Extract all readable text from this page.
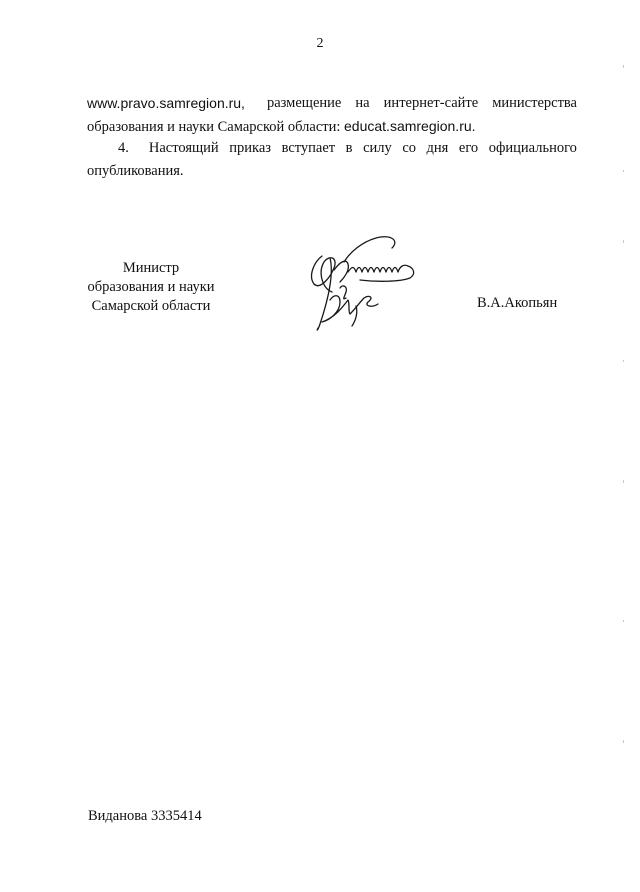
2
www.pravo.samregion.ru, размещение на интернет-сайте министерства
образования и науки Самарской области: educat.samregion.ru.
4.	Настоящий приказ вступает в силу со дня его официального
опубликования.
Министр
образования и науки
Самарской области	В.А.Акопьян
Виданова 3335414
